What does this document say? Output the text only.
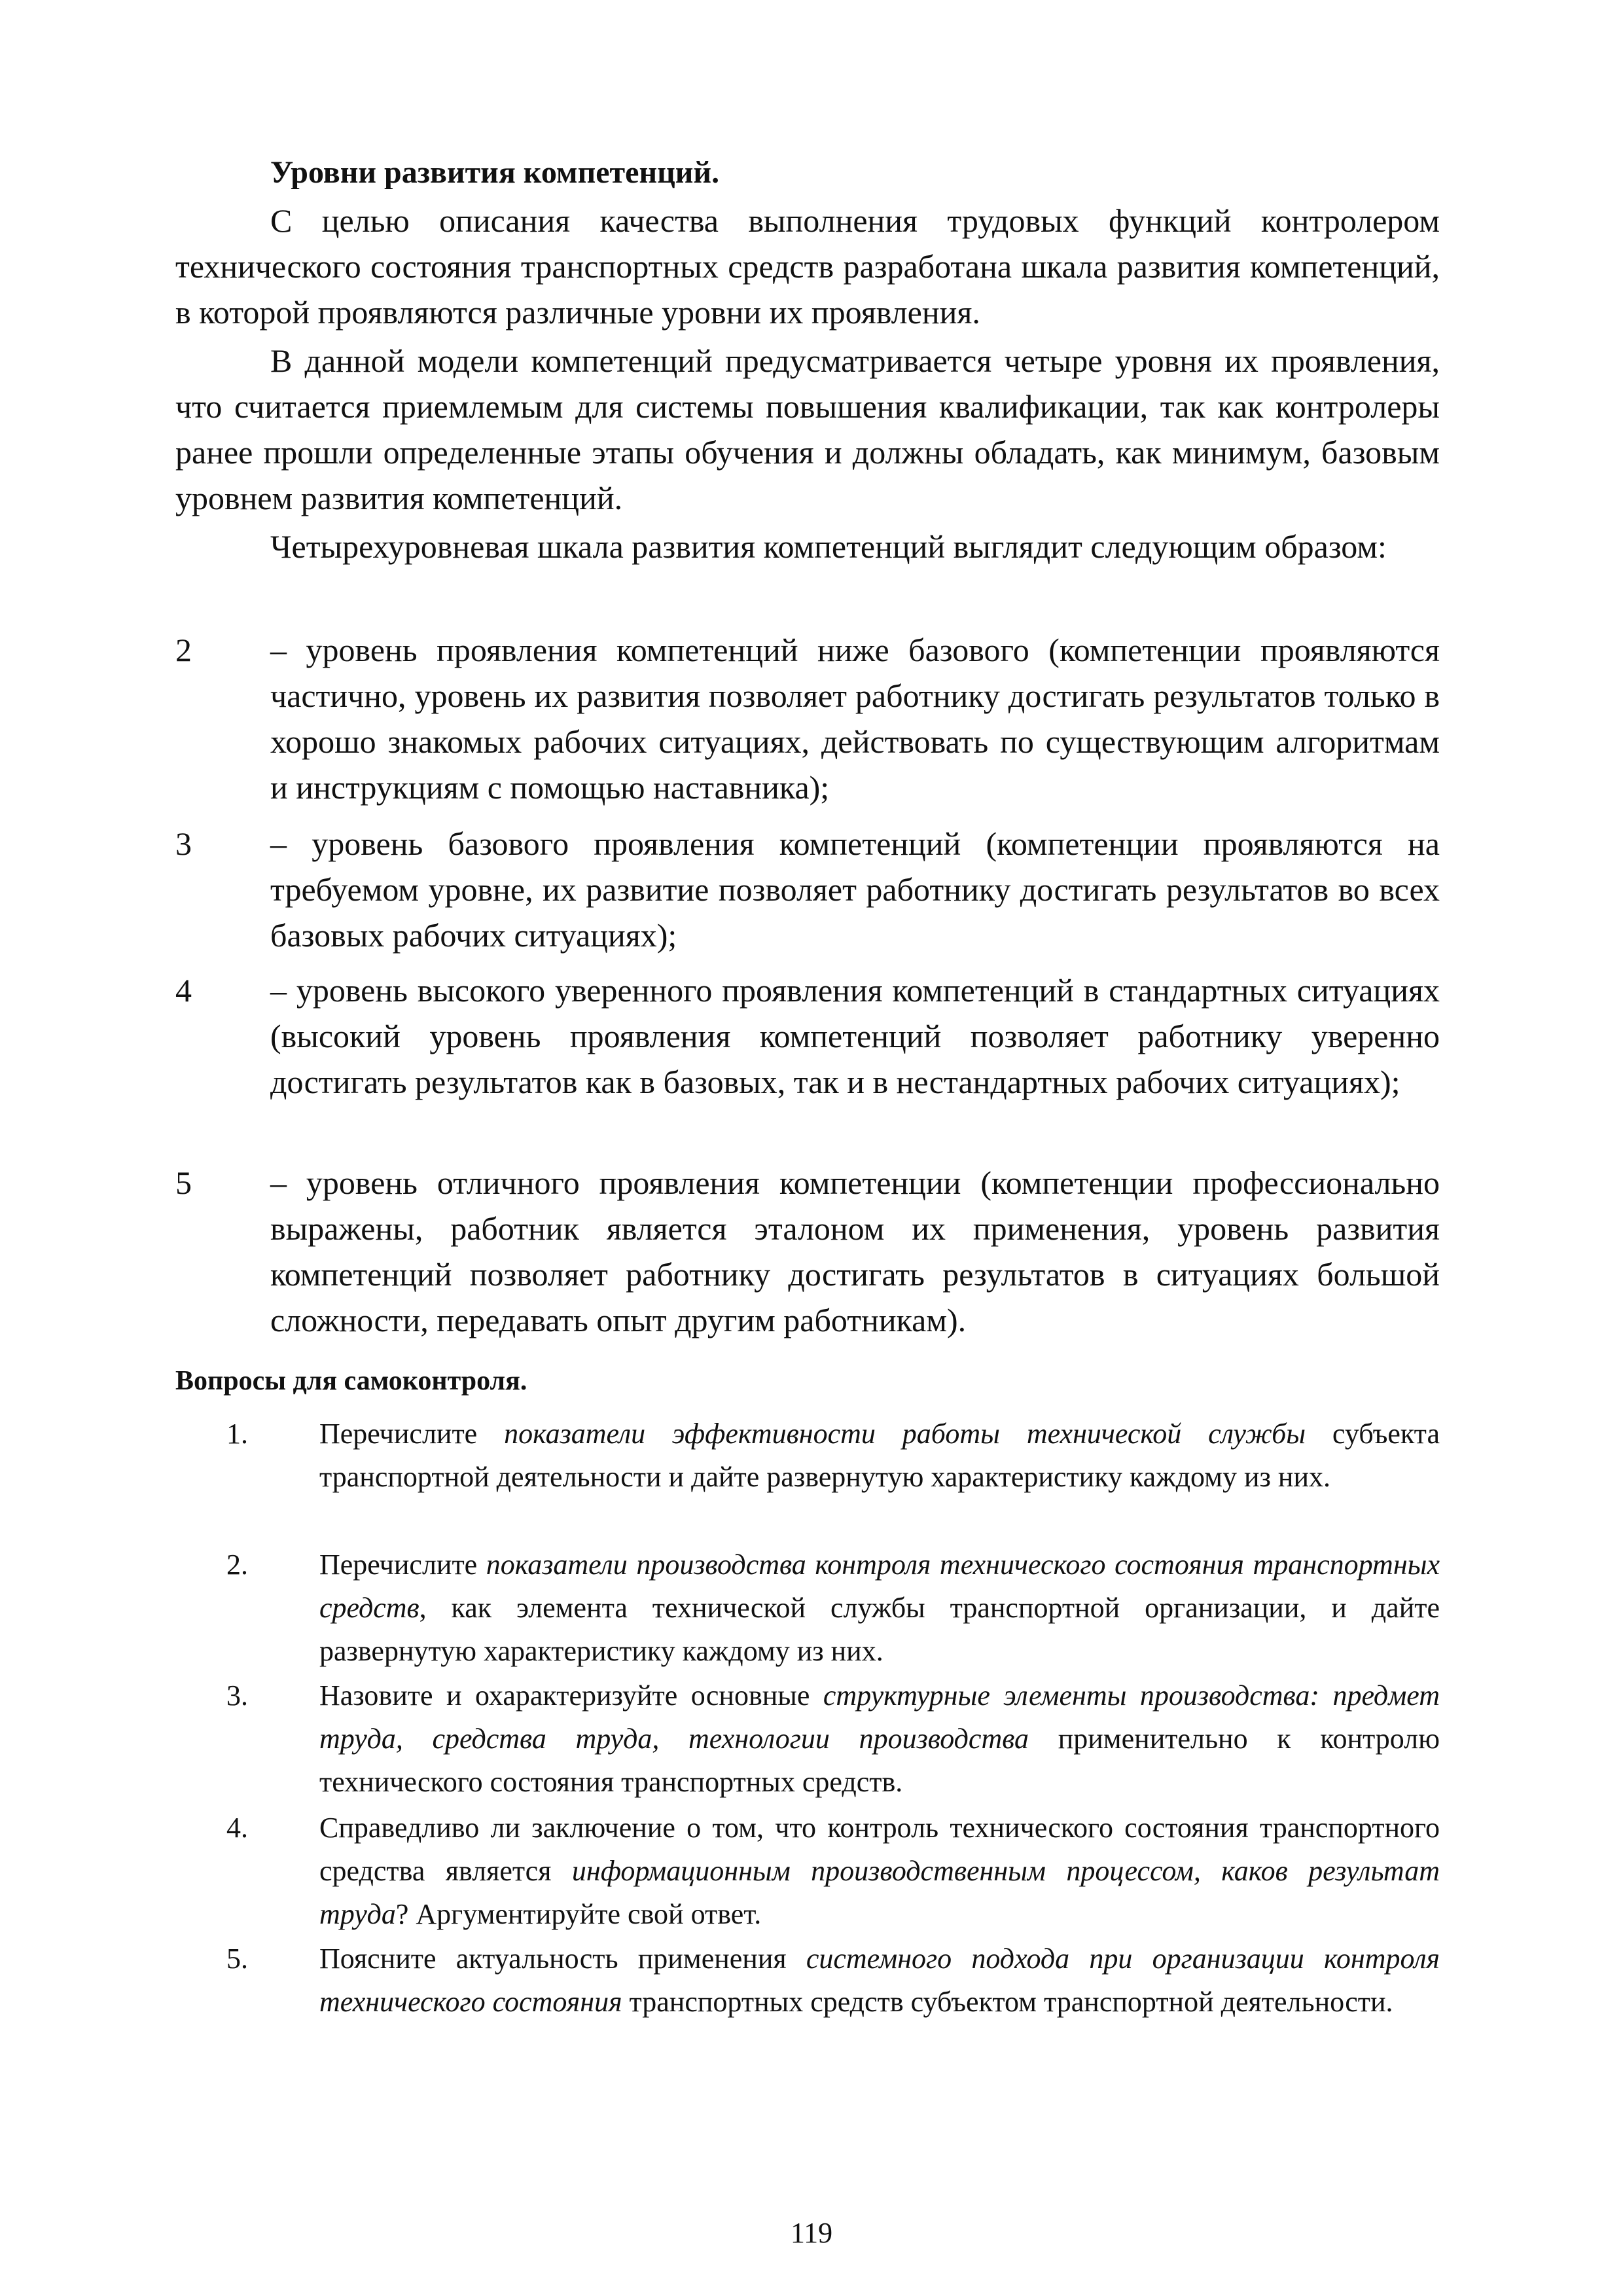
Уровни развития компетенций.

С целью описания качества выполнения трудовых функций контролером технического состояния транспортных средств разработана шкала развития компетенций, в которой проявляются различные уровни их проявления.

В данной модели компетенций предусматривается четыре уровня их проявления, что считается приемлемым для системы повышения квалификации, так как контролеры ранее прошли определенные этапы обучения и должны обладать, как минимум, базовым уровнем развития компетенций.

Четырехуровневая шкала развития компетенций выглядит следующим образом:

2	– уровень проявления компетенций ниже базового (компетенции проявляются частично, уровень их развития позволяет работнику достигать результатов только в хорошо знакомых рабочих ситуациях, действовать по существующим алгоритмам и инструкциям с помощью наставника);

3	– уровень базового проявления компетенций (компетенции проявляются на требуемом уровне, их развитие позволяет работнику достигать результатов во всех базовых рабочих ситуациях);

4	– уровень высокого уверенного проявления компетенций в стандартных ситуациях (высокий уровень проявления компетенций позволяет работнику уверенно достигать результатов как в базовых, так и в нестандартных рабочих ситуациях);

5	– уровень отличного проявления компетенции (компетенции профессионально выражены, работник является эталоном их применения, уровень развития компетенций позволяет работнику достигать результатов в ситуациях большой сложности, передавать опыт другим работникам).

Вопросы для самоконтроля.

1. Перечислите показатели эффективности работы технической службы субъекта транспортной деятельности и дайте развернутую характеристику каждому из них.

2. Перечислите показатели производства контроля технического состояния транспортных средств, как элемента технической службы транспортной организации, и дайте развернутую характеристику каждому из них.

3. Назовите и охарактеризуйте основные структурные элементы производства: предмет труда, средства труда, технологии производства применительно к контролю технического состояния транспортных средств.

4. Справедливо ли заключение о том, что контроль технического состояния транспортного средства является информационным производственным процессом, каков результат труда? Аргументируйте свой ответ.

5. Поясните актуальность применения системного подхода при организации контроля технического состояния транспортных средств субъектом транспортной деятельности.

119
